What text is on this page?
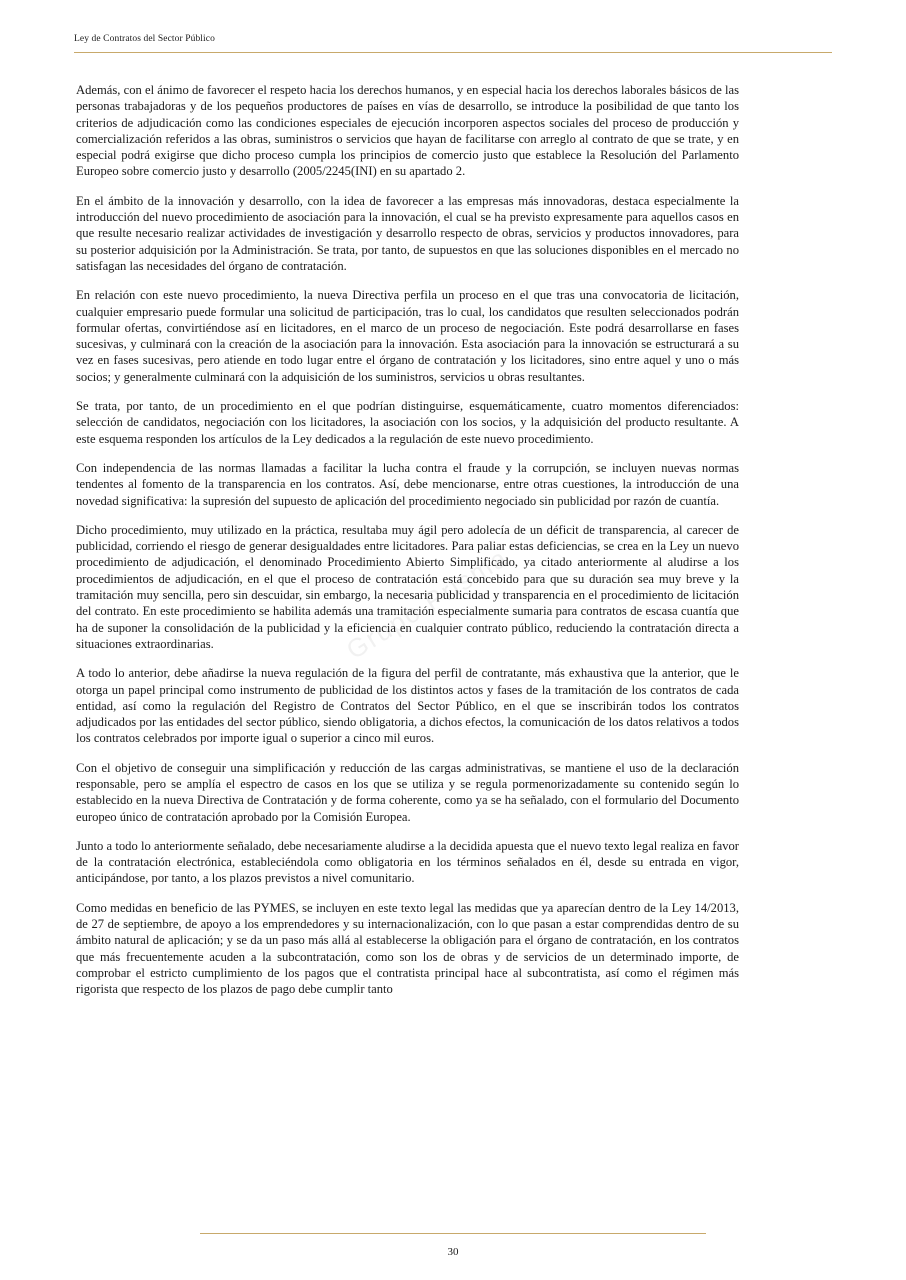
Ley de Contratos del Sector Público
Grupo Prisma

Además, con el ánimo de favorecer el respeto hacia los derechos humanos, y en especial hacia los derechos laborales básicos de las personas trabajadoras y de los pequeños productores de países en vías de desarrollo, se introduce la posibilidad de que tanto los criterios de adjudicación como las condiciones especiales de ejecución incorporen aspectos sociales del proceso de producción y comercialización referidos a las obras, suministros o servicios que hayan de facilitarse con arreglo al contrato de que se trate, y en especial podrá exigirse que dicho proceso cumpla los principios de comercio justo que establece la Resolución del Parlamento Europeo sobre comercio justo y desarrollo (2005/2245(INI) en su apartado 2.

En el ámbito de la innovación y desarrollo, con la idea de favorecer a las empresas más innovadoras, destaca especialmente la introducción del nuevo procedimiento de asociación para la innovación, el cual se ha previsto expresamente para aquellos casos en que resulte necesario realizar actividades de investigación y desarrollo respecto de obras, servicios y productos innovadores, para su posterior adquisición por la Administración. Se trata, por tanto, de supuestos en que las soluciones disponibles en el mercado no satisfagan las necesidades del órgano de contratación.

En relación con este nuevo procedimiento, la nueva Directiva perfila un proceso en el que tras una convocatoria de licitación, cualquier empresario puede formular una solicitud de participación, tras lo cual, los candidatos que resulten seleccionados podrán formular ofertas, convirtiéndose así en licitadores, en el marco de un proceso de negociación. Este podrá desarrollarse en fases sucesivas, y culminará con la creación de la asociación para la innovación. Esta asociación para la innovación se estructurará a su vez en fases sucesivas, pero atiende en todo lugar entre el órgano de contratación y los licitadores, sino entre aquel y uno o más socios; y generalmente culminará con la adquisición de los suministros, servicios u obras resultantes.

Se trata, por tanto, de un procedimiento en el que podrían distinguirse, esquemáticamente, cuatro momentos diferenciados: selección de candidatos, negociación con los licitadores, la asociación con los socios, y la adquisición del producto resultante. A este esquema responden los artículos de la Ley dedicados a la regulación de este nuevo procedimiento.

Con independencia de las normas llamadas a facilitar la lucha contra el fraude y la corrupción, se incluyen nuevas normas tendentes al fomento de la transparencia en los contratos. Así, debe mencionarse, entre otras cuestiones, la introducción de una novedad significativa: la supresión del supuesto de aplicación del procedimiento negociado sin publicidad por razón de cuantía.

Dicho procedimiento, muy utilizado en la práctica, resultaba muy ágil pero adolecía de un déficit de transparencia, al carecer de publicidad, corriendo el riesgo de generar desigualdades entre licitadores. Para paliar estas deficiencias, se crea en la Ley un nuevo procedimiento de adjudicación, el denominado Procedimiento Abierto Simplificado, ya citado anteriormente al aludirse a los procedimientos de adjudicación, en el que el proceso de contratación está concebido para que su duración sea muy breve y la tramitación muy sencilla, pero sin descuidar, sin embargo, la necesaria publicidad y transparencia en el procedimiento de licitación del contrato. En este procedimiento se habilita además una tramitación especialmente sumaria para contratos de escasa cuantía que ha de suponer la consolidación de la publicidad y la eficiencia en cualquier contrato público, reduciendo la contratación directa a situaciones extraordinarias.

A todo lo anterior, debe añadirse la nueva regulación de la figura del perfil de contratante, más exhaustiva que la anterior, que le otorga un papel principal como instrumento de publicidad de los distintos actos y fases de la tramitación de los contratos de cada entidad, así como la regulación del Registro de Contratos del Sector Público, en el que se inscribirán todos los contratos adjudicados por las entidades del sector público, siendo obligatoria, a dichos efectos, la comunicación de los datos relativos a todos los contratos celebrados por importe igual o superior a cinco mil euros.

Con el objetivo de conseguir una simplificación y reducción de las cargas administrativas, se mantiene el uso de la declaración responsable, pero se amplía el espectro de casos en los que se utiliza y se regula pormenorizadamente su contenido según lo establecido en la nueva Directiva de Contratación y de forma coherente, como ya se ha señalado, con el formulario del Documento europeo único de contratación aprobado por la Comisión Europea.

Junto a todo lo anteriormente señalado, debe necesariamente aludirse a la decidida apuesta que el nuevo texto legal realiza en favor de la contratación electrónica, estableciéndola como obligatoria en los términos señalados en él, desde su entrada en vigor, anticipándose, por tanto, a los plazos previstos a nivel comunitario.

Como medidas en beneficio de las PYMES, se incluyen en este texto legal las medidas que ya aparecían dentro de la Ley 14/2013, de 27 de septiembre, de apoyo a los emprendedores y su internacionalización, con lo que pasan a estar comprendidas dentro de su ámbito natural de aplicación; y se da un paso más allá al establecerse la obligación para el órgano de contratación, en los contratos que más frecuentemente acuden a la subcontratación, como son los de obras y de servicios de un determinado importe, de comprobar el estricto cumplimiento de los pagos que el contratista principal hace al subcontratista, así como el régimen más rigorista que respecto de los plazos de pago debe cumplir tanto

30
